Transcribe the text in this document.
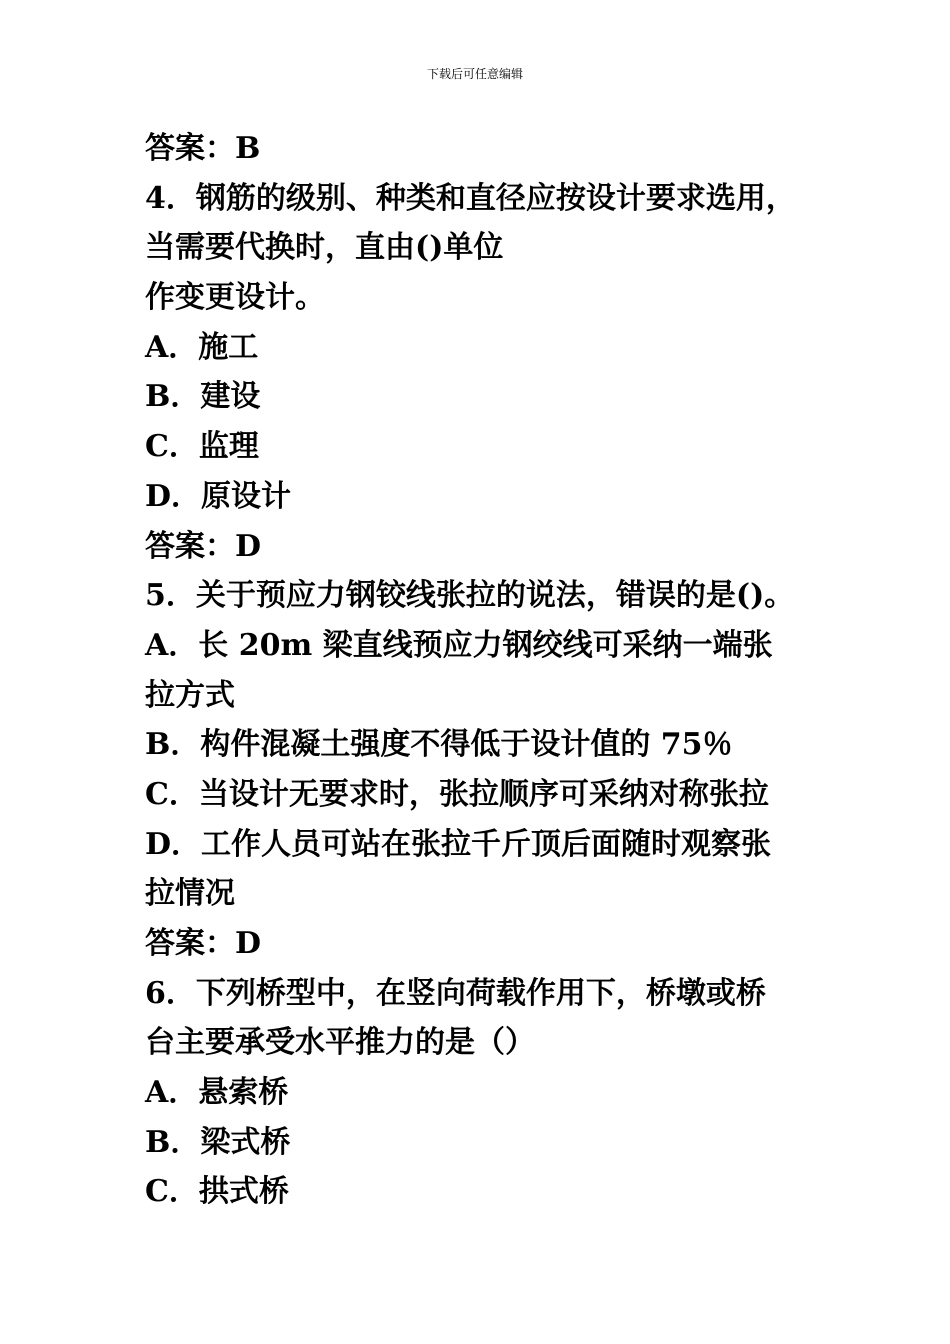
下载后可任意编辑
答案：B
4．钢筋的级别、种类和直径应按设计要求选用，
当需要代换时，直由()单位
作变更设计。
A．施工
B．建设
C．监理
D．原设计
答案：D
5．关于预应力钢铰线张拉的说法，错误的是()。
A．长 20m 梁直线预应力钢绞线可采纳一端张
拉方式
B．构件混凝土强度不得低于设计值的 75％
C．当设计无要求时，张拉顺序可采纳对称张拉
D．工作人员可站在张拉千斤顶后面随时观察张
拉情况
答案：D
6．下列桥型中，在竖向荷载作用下，桥墩或桥
台主要承受水平推力的是（）
A．悬索桥
B．梁式桥
C．拱式桥
